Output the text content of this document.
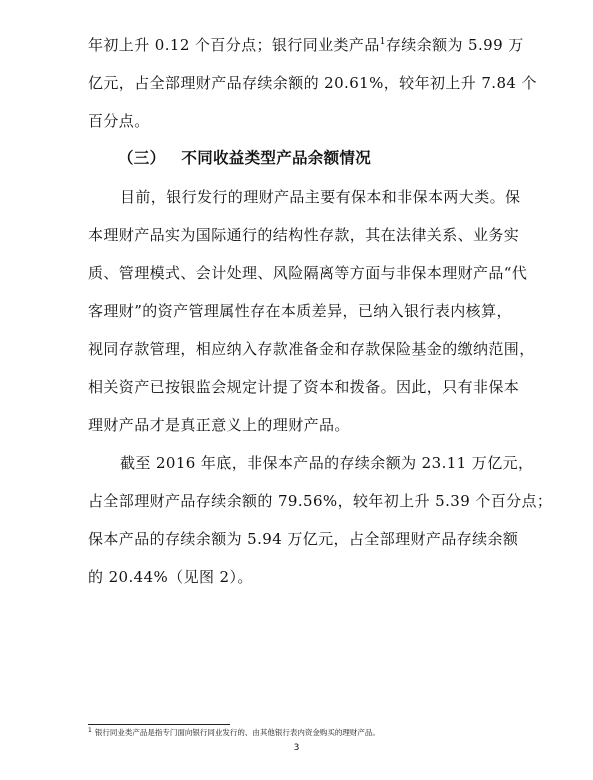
年初上升 0.12 个百分点；银行同业类产品$^1$存续余额为 5.99 万
亿元，占全部理财产品存续余额的 20.61%，较年初上升 7.84 个
百分点。
（三） 不同收益类型产品余额情况
目前，银行发行的理财产品主要有保本和非保本两大类。保
本理财产品实为国际通行的结构性存款，其在法律关系、业务实
质、管理模式、会计处理、风险隔离等方面与非保本理财产品“代
客理财”的资产管理属性存在本质差异，已纳入银行表内核算，
视同存款管理，相应纳入存款准备金和存款保险基金的缴纳范围，
相关资产已按银监会规定计提了资本和拨备。因此，只有非保本
理财产品才是真正意义上的理财产品。
截至 2016 年底，非保本产品的存续余额为 23.11 万亿元，
占全部理财产品存续余额的 79.56%，较年初上升 5.39 个百分点；
保本产品的存续余额为 5.94 万亿元，占全部理财产品存续余额
的 20.44%（见图 2）。
$^1$ 银行同业类产品是指专门面向银行同业发行的、由其他银行表内资金购买的理财产品。
3
